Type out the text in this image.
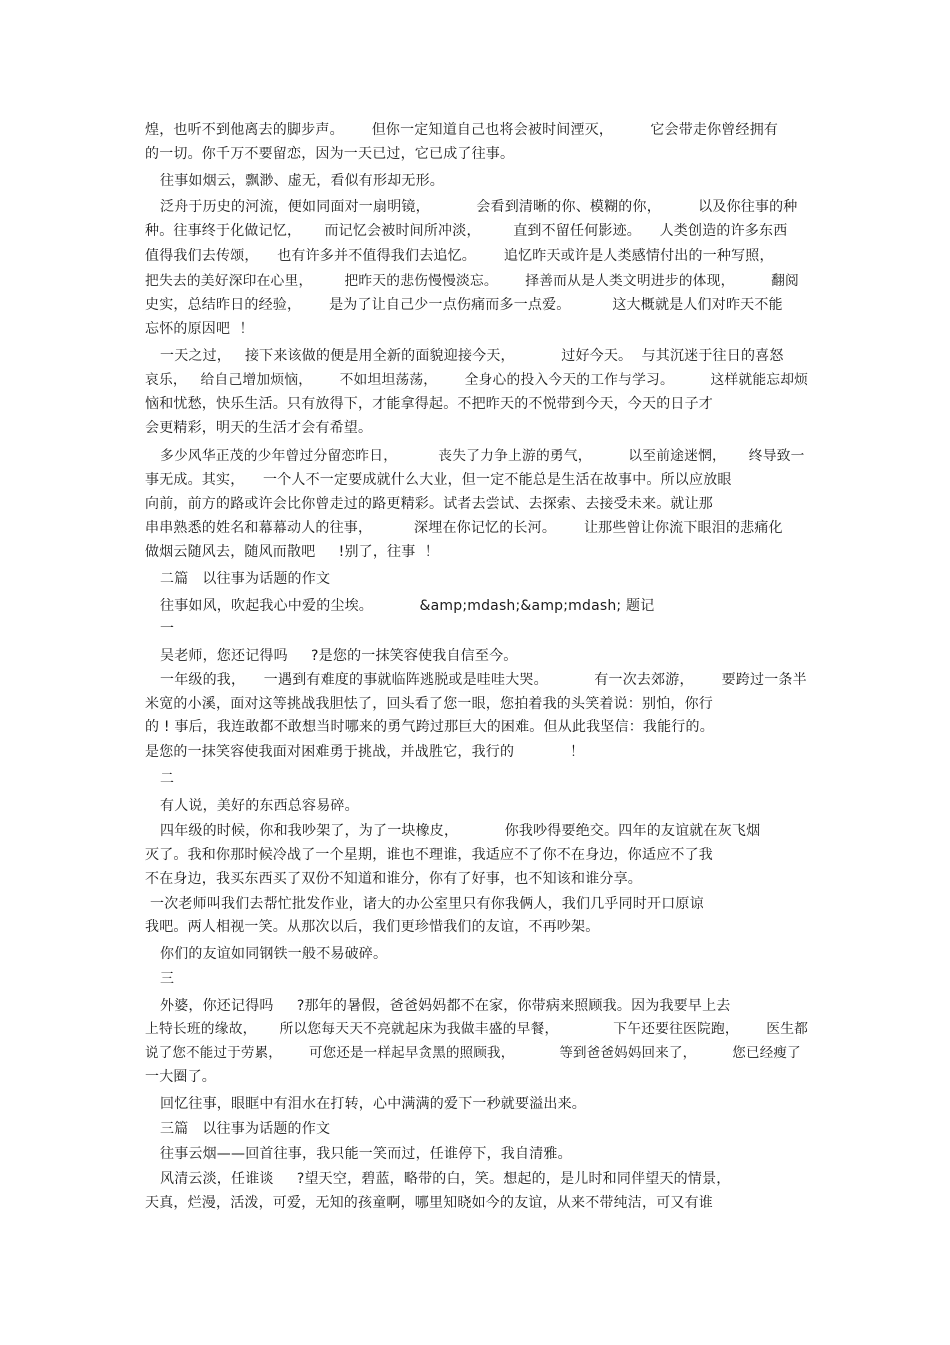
煌，也听不到他离去的脚步声。      但你一定知道自己也将会被时间湮灭，        它会带走你曾经拥有
的一切。你千万不要留恋，因为一天已过，它已成了往事。
往事如烟云，飘渺、虚无，看似有形却无形。
泛舟于历史的河流，便如同面对一扇明镜，          会看到清晰的你、模糊的你，        以及你往事的种
种。往事终于化做记忆，     而记忆会被时间所冲淡，       直到不留任何影迹。    人类创造的许多东西
值得我们去传颂，    也有许多并不值得我们去追忆。      追忆昨天或许是人类感情付出的一种写照，
把失去的美好深印在心里，       把昨天的悲伤慢慢淡忘。      择善而从是人类文明进步的体现，        翻阅
史实，总结昨日的经验，      是为了让自己少一点伤痛而多一点爱。         这大概就是人们对昨天不能
忘怀的原因吧  ！
一天之过，   接下来该做的便是用全新的面貌迎接今天，          过好今天。  与其沉迷于往日的喜怒
哀乐，   给自己增加烦恼，      不如坦坦荡荡，      全身心的投入今天的工作与学习。        这样就能忘却烦
恼和忧愁，快乐生活。只有放得下，才能拿得起。不把昨天的不悦带到今天，今天的日子才
会更精彩，明天的生活才会有希望。
多少风华正茂的少年曾过分留恋昨日，         丧失了力争上游的勇气，        以至前途迷惘，     终导致一
事无成。其实，    一个人不一定要成就什么大业，但一定不能总是生活在故事中。所以应放眼
向前，前方的路或许会比你曾走过的路更精彩。试者去尝试、去探索、去接受未来。就让那
串串熟悉的姓名和幕幕动人的往事，         深埋在你记忆的长河。      让那些曾让你流下眼泪的悲痛化
做烟云随风去，随风而散吧     !别了，往事  ！
二篇   以往事为话题的作文
往事如风，吹起我心中爱的尘埃。          &amp;mdash;&amp;mdash; 题记
一
吴老师，您还记得吗     ?是您的一抹笑容使我自信至今。
一年级的我，    一遇到有难度的事就临阵逃脱或是哇哇大哭。          有一次去郊游，      要跨过一条半
米宽的小溪，面对这等挑战我胆怯了，回头看了您一眼，您拍着我的头笑着说：别怕，你行
的 ! 事后，我连敢都不敢想当时哪来的勇气跨过那巨大的困难。但从此我坚信：我能行的。
是您的一抹笑容使我面对困难勇于挑战，并战胜它，我行的            ！
二
有人说，美好的东西总容易碎。
四年级的时候，你和我吵架了，为了一块橡皮，          你我吵得要绝交。四年的友谊就在灰飞烟
灭了。我和你那时候冷战了一个星期，谁也不理谁，我适应不了你不在身边，你适应不了我
不在身边，我买东西买了双份不知道和谁分，你有了好事，也不知该和谁分享。
一次老师叫我们去帮忙批发作业，诸大的办公室里只有你我俩人，我们几乎同时开口原谅
我吧。两人相视一笑。从那次以后，我们更珍惜我们的友谊，不再吵架。
你们的友谊如同钢铁一般不易破碎。
三
外婆，你还记得吗     ?那年的暑假，爸爸妈妈都不在家，你带病来照顾我。因为我要早上去
上特长班的缘故，     所以您每天天不亮就起床为我做丰盛的早餐，            下午还要往医院跑，      医生都
说了您不能过于劳累，      可您还是一样起早贪黑的照顾我，          等到爸爸妈妈回来了，        您已经瘦了
一大圈了。
回忆往事，眼眶中有泪水在打转，心中满满的爱下一秒就要溢出来。
三篇   以往事为话题的作文
往事云烟——回首往事，我只能一笑而过，任谁停下，我自清雅。
风清云淡，任谁谈     ?望天空，碧蓝，略带的白，笑。想起的，是儿时和同伴望天的情景，
天真，烂漫，活泼，可爱，无知的孩童啊，哪里知晓如今的友谊，从来不带纯洁，可又有谁
